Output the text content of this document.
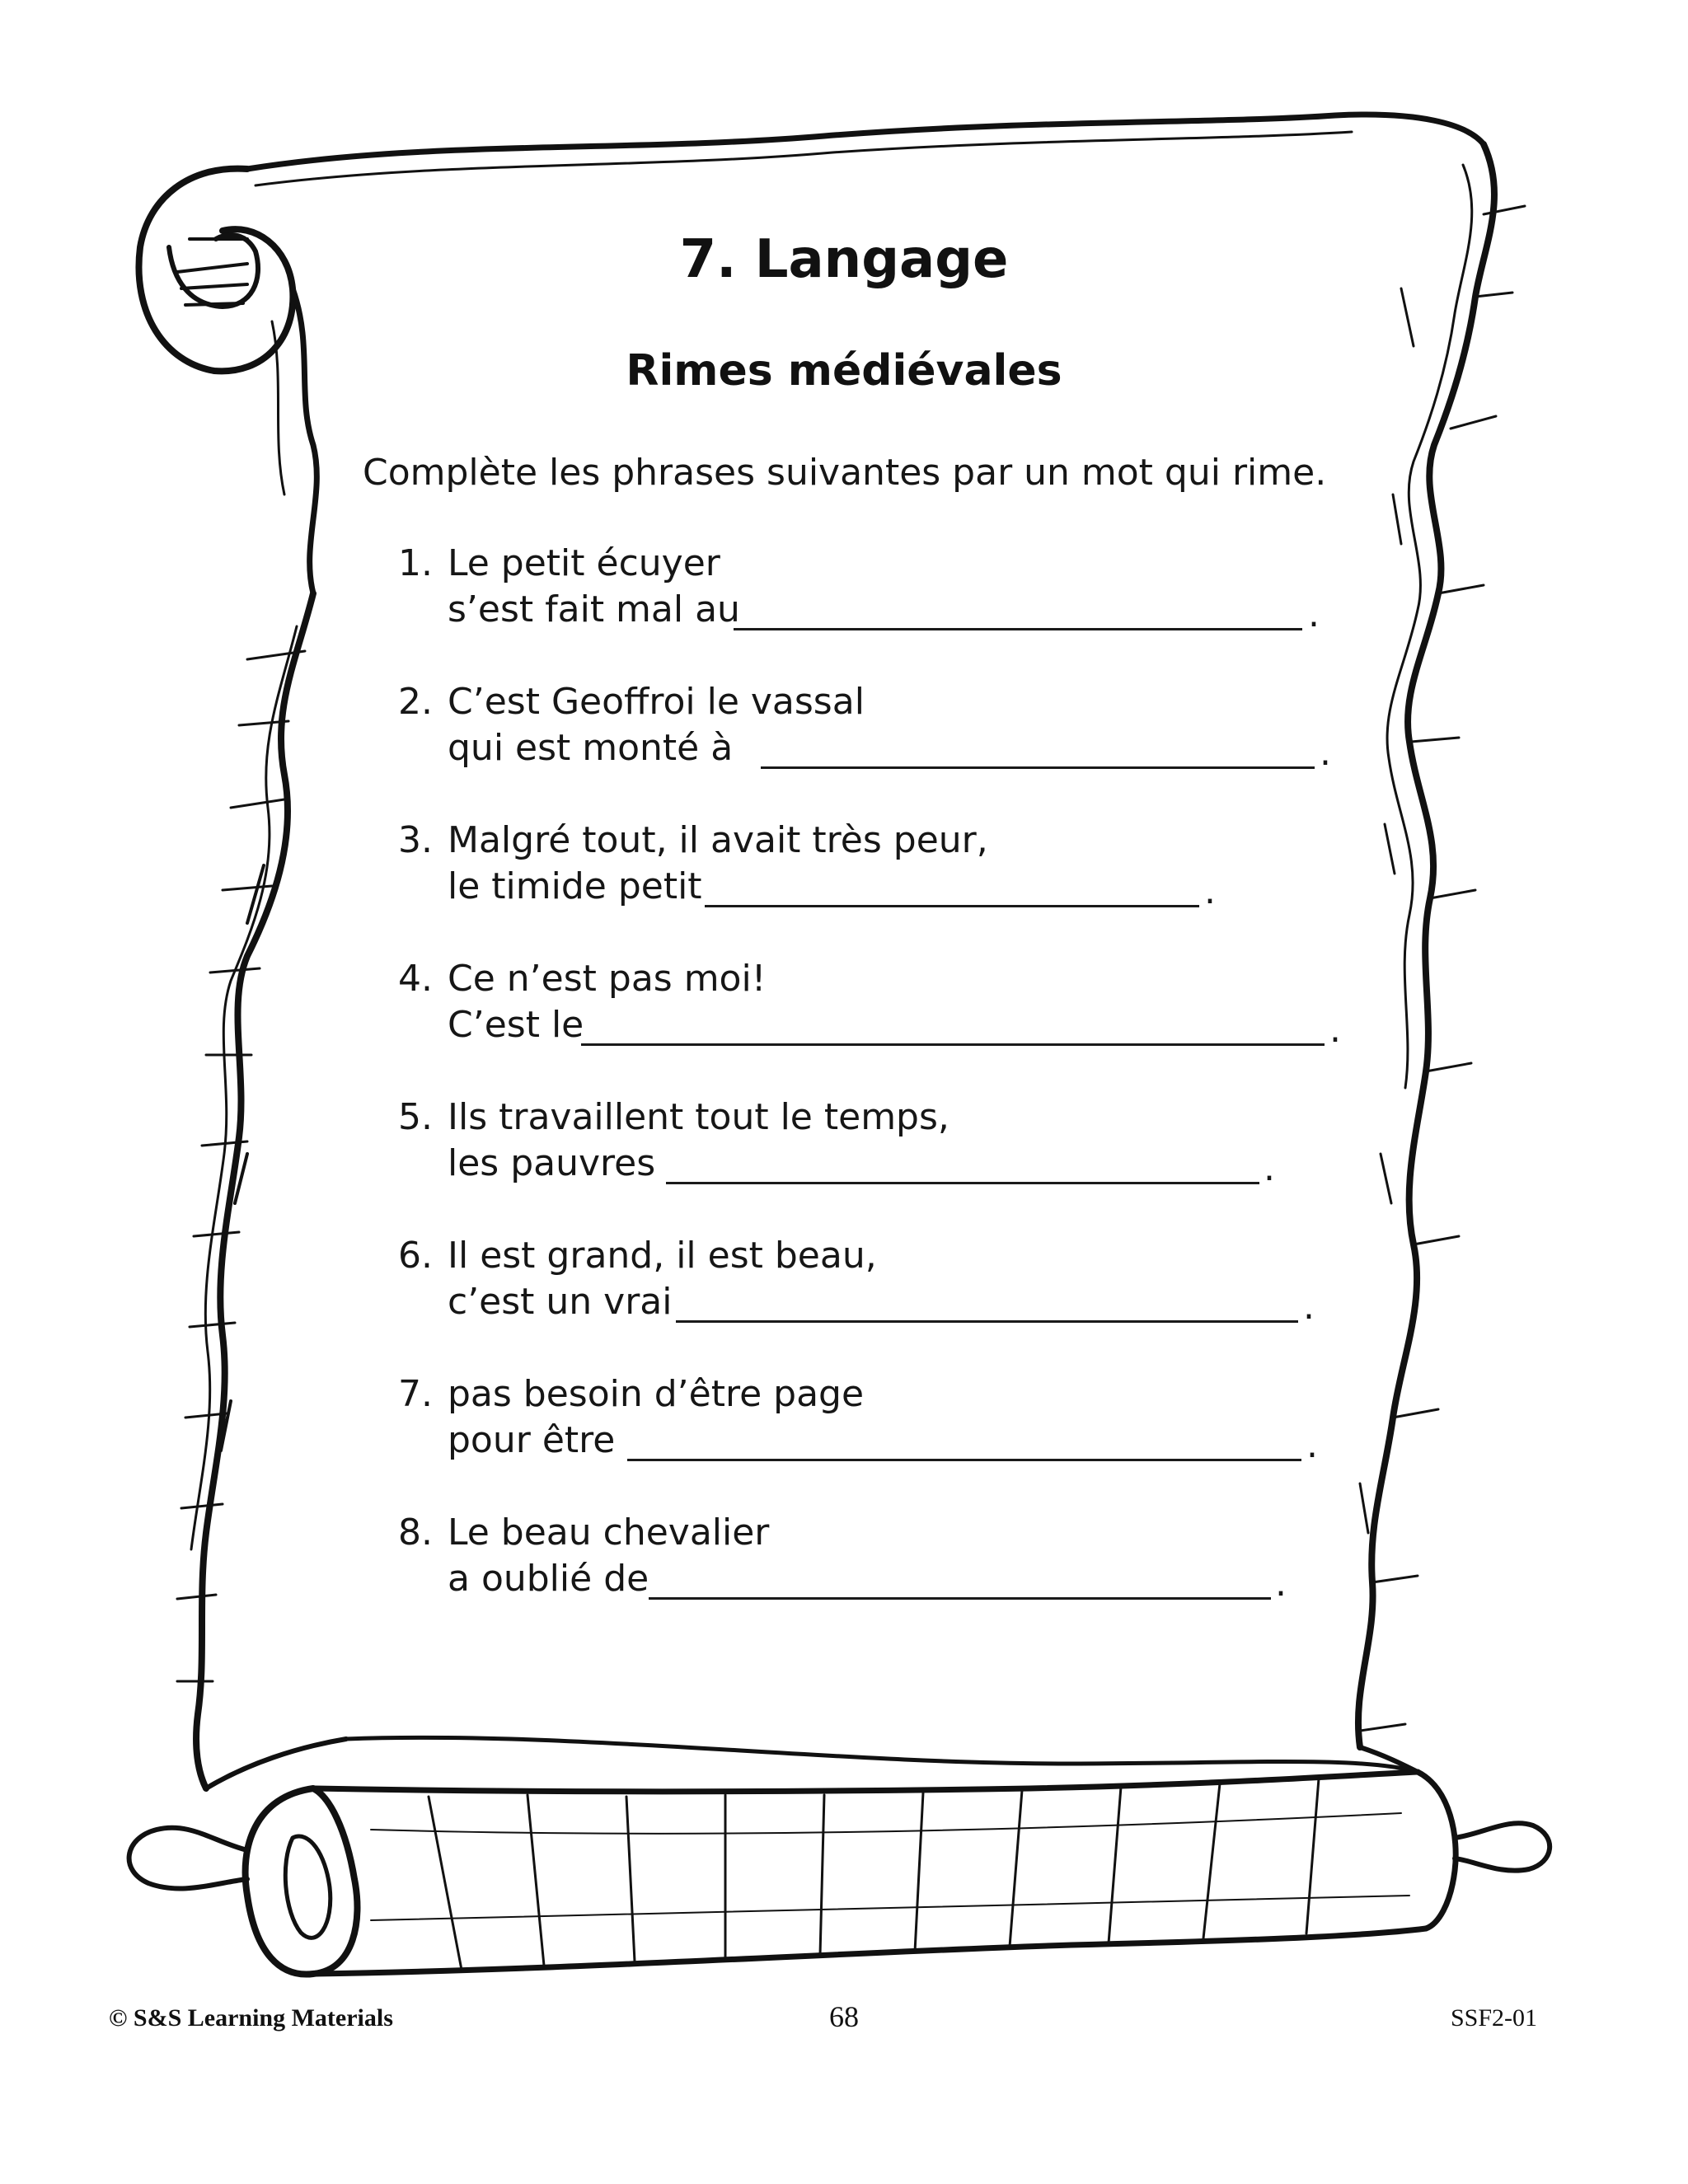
7. Langage
Rimes médiévales
Complète les phrases suivantes par un mot qui rime.
1. Le petit écuyer
s’est fait mal au	.
2. C’est Geoffroi le vassal
qui est monté à	.
3. Malgré tout, il avait très peur,
le timide petit	.
4. Ce n’est pas moi!
C’est le	.
5. Ils travaillent tout le temps,
les pauvres	.
6. Il est grand, il est beau,
c’est un vrai	.
7. pas besoin d’être page
pour être	.
8. Le beau chevalier
a oublié de	.
© S&S Learning Materials	68	SSF2-01
